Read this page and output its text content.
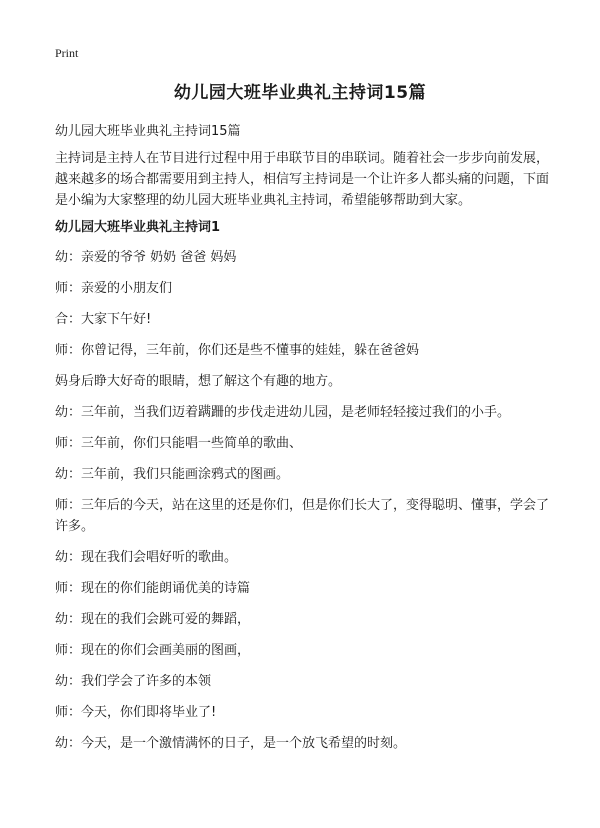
Print
幼儿园大班毕业典礼主持词15篇
幼儿园大班毕业典礼主持词15篇
主持词是主持人在节目进行过程中用于串联节目的串联词。随着社会一步步向前发展，越来越多的场合都需要用到主持人，相信写主持词是一个让许多人都头痛的问题，下面是小编为大家整理的幼儿园大班毕业典礼主持词，希望能够帮助到大家。
幼儿园大班毕业典礼主持词1

幼：亲爱的爷爷 奶奶 爸爸 妈妈

师：亲爱的小朋友们

合：大家下午好!

师：你曾记得，三年前，你们还是些不懂事的娃娃，躲在爸爸妈

妈身后睁大好奇的眼睛，想了解这个有趣的地方。

幼：三年前，当我们迈着蹒跚的步伐走进幼儿园，是老师轻轻接过我们的小手。

师：三年前，你们只能唱一些简单的歌曲、

幼：三年前，我们只能画涂鸦式的图画。

师：三年后的今天，站在这里的还是你们，但是你们长大了，变得聪明、懂事，学会了许多。

幼：现在我们会唱好听的歌曲。

师：现在的你们能朗诵优美的诗篇

幼：现在的我们会跳可爱的舞蹈，

师：现在的你们会画美丽的图画，

幼：我们学会了许多的本领

师：今天，你们即将毕业了!

幼：今天，是一个激情满怀的日子，是一个放飞希望的时刻。
